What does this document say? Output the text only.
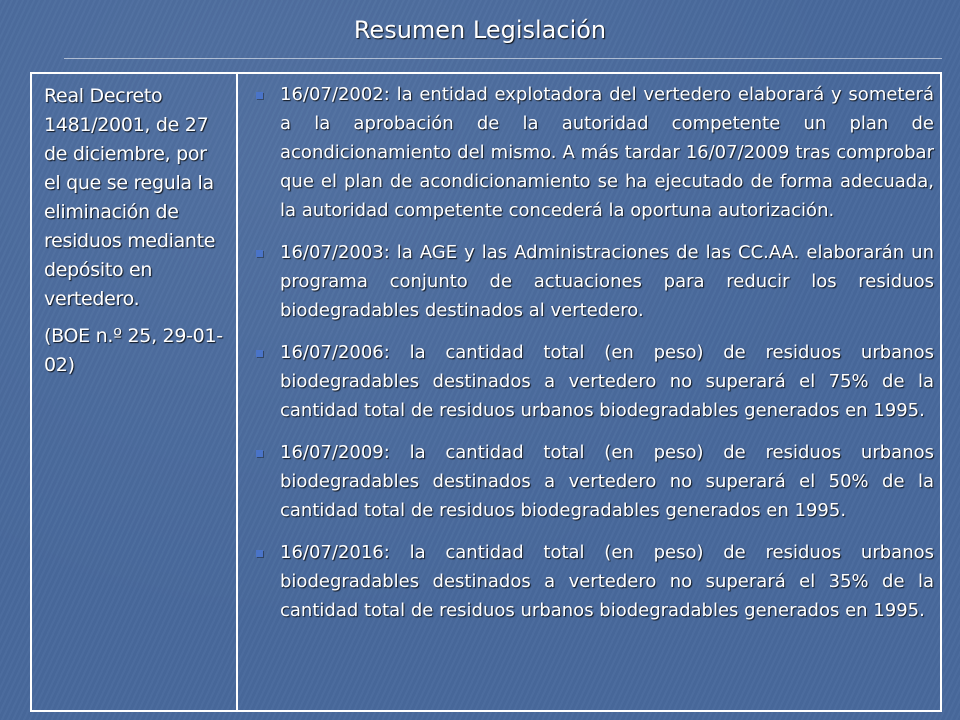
Resumen Legislación

Real Decreto 1481/2001, de 27 de diciembre, por el que se regula la eliminación de residuos mediante depósito en vertedero.

(BOE n.º 25, 29-01-02)

16/07/2002: la entidad explotadora del vertedero elaborará y someterá a la aprobación de la autoridad competente un plan de acondicionamiento del mismo. A más tardar 16/07/2009 tras comprobar que el plan de acondicionamiento se ha ejecutado de forma adecuada, la autoridad competente concederá la oportuna autorización.
16/07/2003: la AGE y las Administraciones de las CC.AA. elaborarán un programa conjunto de actuaciones para reducir los residuos biodegradables destinados al vertedero.
16/07/2006: la cantidad total (en peso) de residuos urbanos biodegradables destinados a vertedero no superará el 75% de la cantidad total de residuos urbanos biodegradables generados en 1995.
16/07/2009: la cantidad total (en peso) de residuos urbanos biodegradables destinados a vertedero no superará el 50% de la cantidad total de residuos biodegradables generados en 1995.
16/07/2016: la cantidad total (en peso) de residuos urbanos biodegradables destinados a vertedero no superará el 35% de la cantidad total de residuos urbanos biodegradables generados en 1995.
